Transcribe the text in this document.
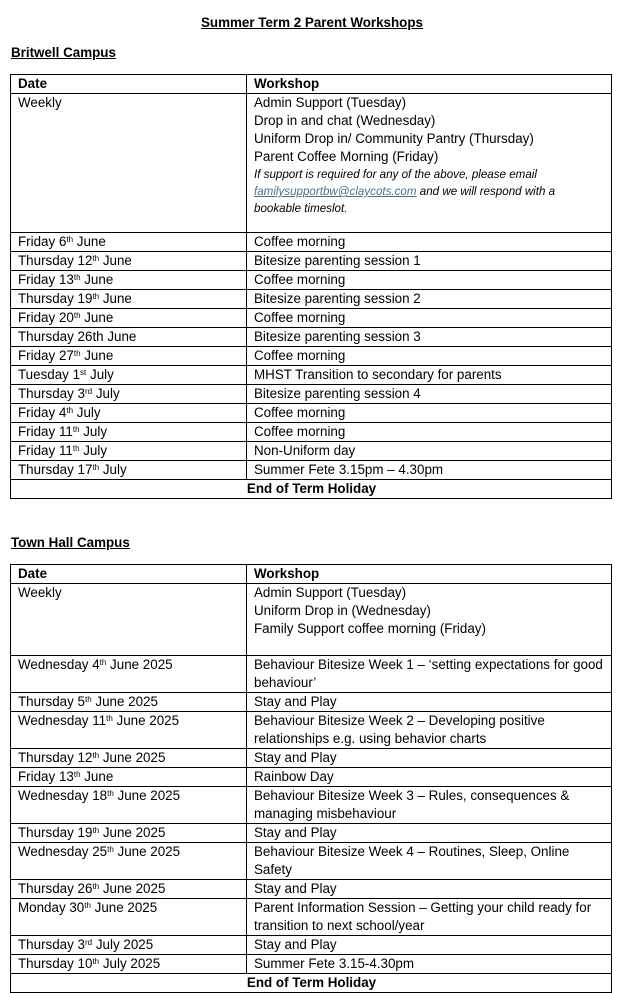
Summer Term 2 Parent Workshops
Britwell Campus
Date	Workshop
Weekly	Admin Support (Tuesday)
Drop in and chat (Wednesday)
Uniform Drop in/ Community Pantry (Thursday)
Parent Coffee Morning (Friday)
If support is required for any of the above, please email familysupportbw@claycots.com and we will respond with a bookable timeslot.

Friday 6th June	Coffee morning
Thursday 12th June	Bitesize parenting session 1
Friday 13th June	Coffee morning
Thursday 19th June	Bitesize parenting session 2
Friday 20th June	Coffee morning
Thursday 26th June	Bitesize parenting session 3
Friday 27th June	Coffee morning
Tuesday 1st July	MHST Transition to secondary for parents
Thursday 3rd July	Bitesize parenting session 4
Friday 4th July	Coffee morning
Friday 11th July	Coffee morning
Friday 11th July	Non-Uniform day
Thursday 17th July	Summer Fete 3.15pm – 4.30pm
End of Term Holiday	
Town Hall Campus
Date	Workshop
Weekly	Admin Support (Tuesday)
Uniform Drop in (Wednesday)
Family Support coffee morning (Friday)

Wednesday 4th June 2025	Behaviour Bitesize Week 1 – ‘setting expectations for good behaviour’
Thursday 5th June 2025	Stay and Play
Wednesday 11th June 2025	Behaviour Bitesize Week 2 – Developing positive relationships e.g. using behavior charts
Thursday 12th June 2025	Stay and Play
Friday 13th June	Rainbow Day
Wednesday 18th June 2025	Behaviour Bitesize Week 3 – Rules, consequences & managing misbehaviour
Thursday 19th June 2025	Stay and Play
Wednesday 25th June 2025	Behaviour Bitesize Week 4 – Routines, Sleep, Online Safety
Thursday 26th June 2025	Stay and Play
Monday 30th June 2025	Parent Information Session – Getting your child ready for transition to next school/year
Thursday 3rd July 2025	Stay and Play
Thursday 10th July 2025	Summer Fete 3.15-4.30pm
End of Term Holiday	
